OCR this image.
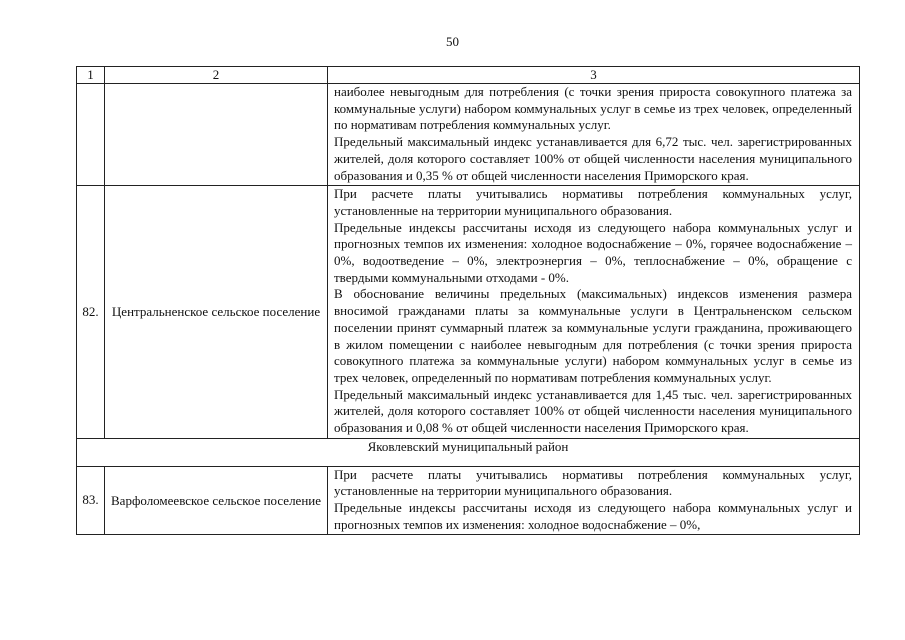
50
1	2	3

		наиболее невыгодным для потребления (с точки зрения прироста совокупного платежа за коммунальные услуги) набором коммунальных услуг в семье из трех человек, определенный по нормативам потребления коммунальных услуг.

Предельный максимальный индекс устанавливается для 6,72 тыс. чел. зарегистрированных жителей, доля которого составляет 100% от общей численности населения муниципального образования и 0,35 % от общей численности населения Приморского края.

82.	Центральненское сельское поселение	При расчете платы учитывались нормативы потребления коммунальных услуг, установленные на территории муниципального образования.

Предельные индексы рассчитаны исходя из следующего набора коммунальных услуг и прогнозных темпов их изменения: холодное водоснабжение – 0%, горячее водоснабжение – 0%, водоотведение – 0%, электроэнергия – 0%, теплоснабжение – 0%, обращение с твердыми коммунальными отходами - 0%.

В обоснование величины предельных (максимальных) индексов изменения размера вносимой гражданами платы за коммунальные услуги в Центральненском сельском поселении принят суммарный платеж за коммунальные услуги гражданина, проживающего в жилом помещении с наиболее невыгодным для потребления (с точки зрения прироста совокупного платежа за коммунальные услуги) набором коммунальных услуг в семье из трех человек, определенный по нормативам потребления коммунальных услуг.

Предельный максимальный индекс устанавливается для 1,45 тыс. чел. зарегистрированных жителей, доля которого составляет 100% от общей численности населения муниципального образования и 0,08 % от общей численности населения Приморского края.

Яковлевский муниципальный район		
83.	Варфоломеевское сельское поселение	При расчете платы учитывались нормативы потребления коммунальных услуг, установленные на территории муниципального образования.

Предельные индексы рассчитаны исходя из следующего набора коммунальных услуг и прогнозных темпов их изменения: холодное водоснабжение – 0%,
